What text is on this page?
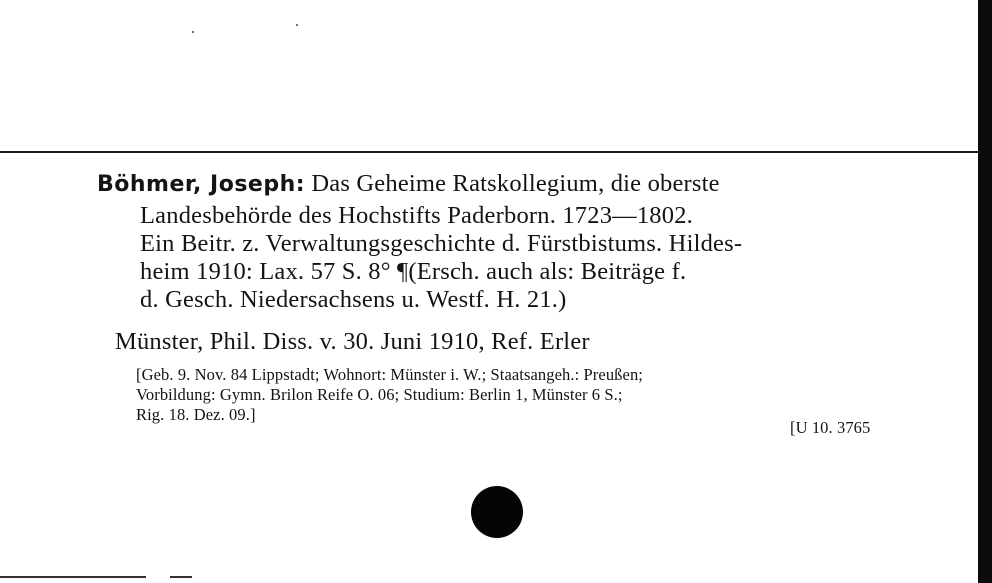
Böhmer, Joseph: Das Geheime Ratskollegium, die oberste
Landesbehörde des Hochstifts Paderborn. 1723—1802.
Ein Beitr. z. Verwaltungsgeschichte d. Fürstbistums. Hildes-
heim 1910: Lax. 57 S. 8° ¶(Ersch. auch als: Beiträge f.
d. Gesch. Niedersachsens u. Westf. H. 21.)
Münster, Phil. Diss. v. 30. Juni 1910, Ref. Erler
[Geb. 9. Nov. 84 Lippstadt; Wohnort: Münster i. W.; Staatsangeh.: Preußen;
Vorbildung: Gymn. Brilon Reife O. 06; Studium: Berlin 1, Münster 6 S.;
Rig. 18. Dez. 09.]
[U 10. 3765
